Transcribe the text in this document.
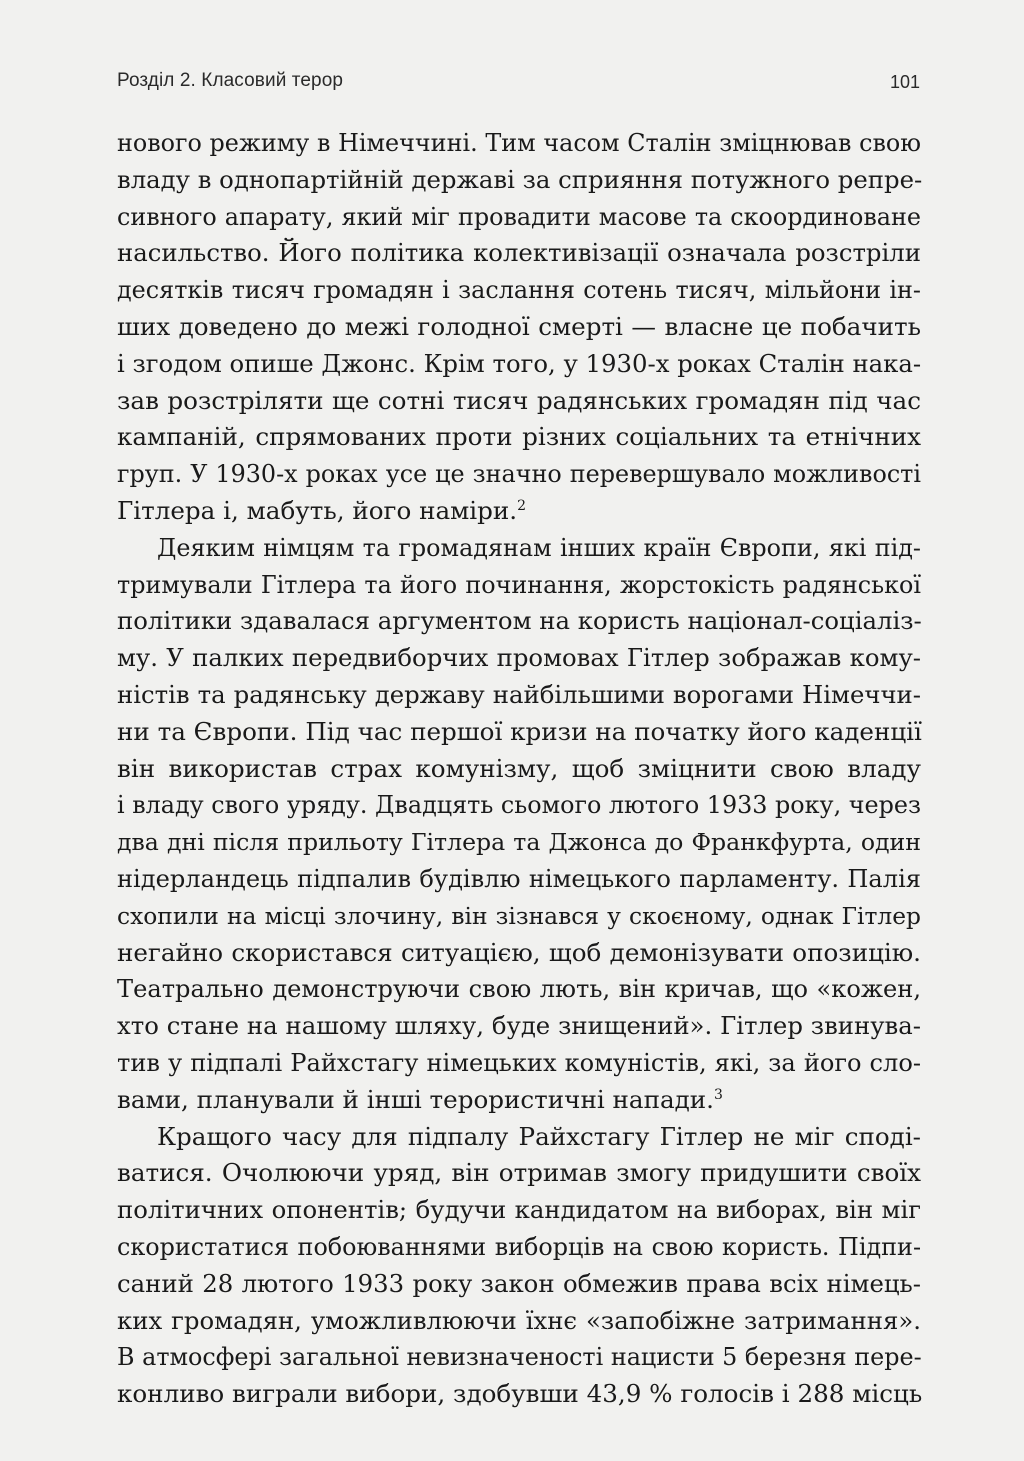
Розділ 2. Класовий терор	101
нового режиму в Німеччині. Тим часом Сталін зміцнював свою
владу в однопартійній державі за сприяння потужного репре-
сивного апарату, який міг провадити масове та скоординоване
насильство. Його політика колективізації означала розстріли
десятків тисяч громадян і заслання сотень тисяч, мільйони ін-
ших доведено до межі голодної смерті — власне це побачить
і згодом опише Джонс. Крім того, у 1930-х роках Сталін нака-
зав розстріляти ще сотні тисяч радянських громадян під час
кампаній, спрямованих проти різних соціальних та етнічних
груп. У 1930-х роках усе це значно перевершувало можливості
Гітлера і, мабуть, його наміри.$^2$
Деяким німцям та громадянам інших країн Європи, які під-
тримували Гітлера та його починання, жорстокість радянської
політики здавалася аргументом на користь націонал-соціаліз-
му. У палких передвиборчих промовах Гітлер зображав кому-
ністів та радянську державу найбільшими ворогами Німеччи-
ни та Європи. Під час першої кризи на початку його каденції
він використав страх комунізму, щоб зміцнити свою владу
і владу свого уряду. Двадцять сьомого лютого 1933 року, через
два дні після прильоту Гітлера та Джонса до Франкфурта, один
нідерландець підпалив будівлю німецького парламенту. Палія
схопили на місці злочину, він зізнався у скоєному, однак Гітлер
негайно скористався ситуацією, щоб демонізувати опозицію.
Театрально демонструючи свою лють, він кричав, що «кожен,
хто стане на нашому шляху, буде знищений». Гітлер звинува-
тив у підпалі Райхстагу німецьких комуністів, які, за його сло-
вами, планували й інші терористичні напади.$^3$
Кращого часу для підпалу Райхстагу Гітлер не міг сподi-
ватися. Очолюючи уряд, він отримав змогу придушити своїх
політичних опонентів; будучи кандидатом на виборах, він міг
скористатися побоюваннями виборців на свою користь. Підпи-
саний 28 лютого 1933 року закон обмежив права всіх німець-
ких громадян, уможливлюючи їхнє «запобіжне затримання».
В атмосфері загальної невизначеності нацисти 5 березня пере-
конливо виграли вибори, здобувши 43,9 % голосів і 288 місць
